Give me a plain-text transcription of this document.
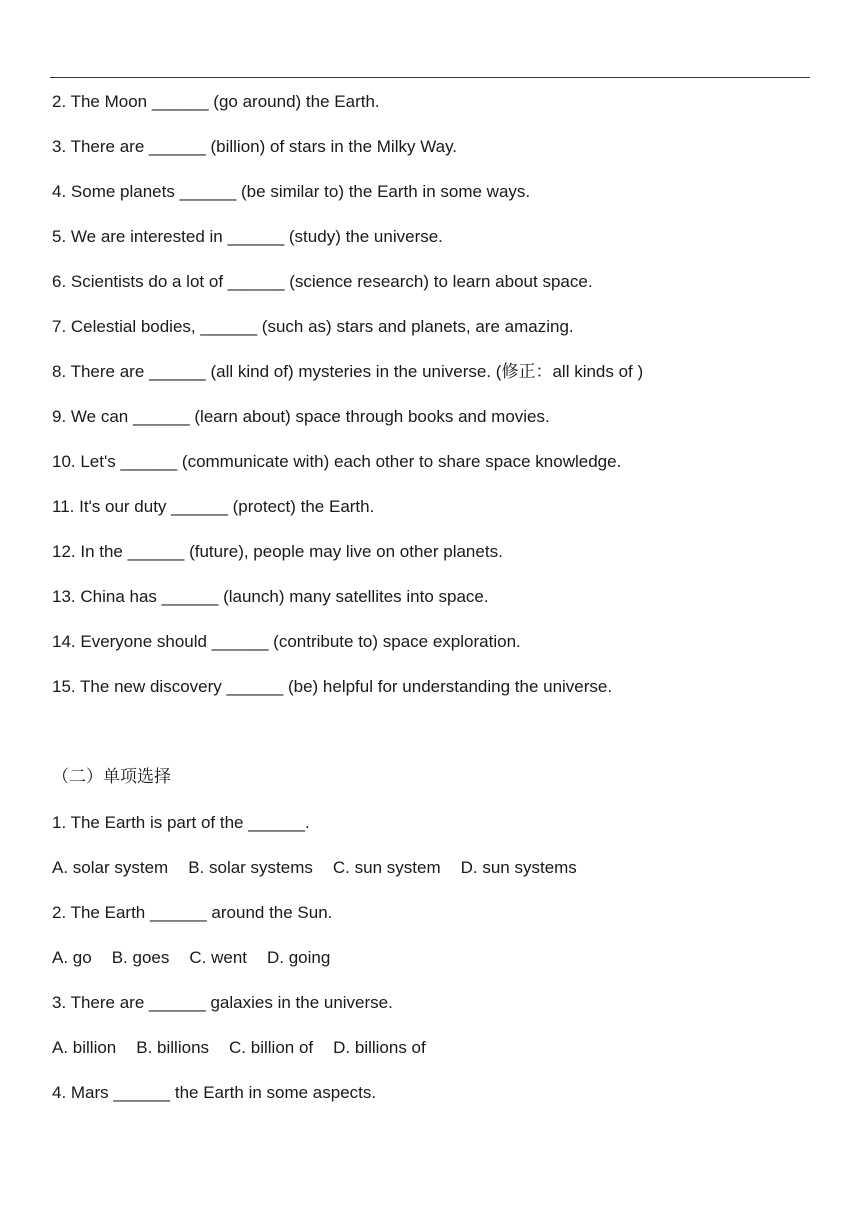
2. The Moon ______ (go around) the Earth.
3. There are ______ (billion) of stars in the Milky Way.
4. Some planets ______ (be similar to) the Earth in some ways.
5. We are interested in ______ (study) the universe.
6. Scientists do a lot of ______ (science research) to learn about space.
7. Celestial bodies, ______ (such as) stars and planets, are amazing.
8. There are ______ (all kind of) mysteries in the universe. (修正：all kinds of )
9. We can ______ (learn about) space through books and movies.
10. Let's ______ (communicate with) each other to share space knowledge.
11. It's our duty ______ (protect) the Earth.
12. In the ______ (future), people may live on other planets.
13. China has ______ (launch) many satellites into space.
14. Everyone should ______ (contribute to) space exploration.
15. The new discovery ______ (be) helpful for understanding the universe.
（二）单项选择
1. The Earth is part of the ______.
A. solar system B. solar systems C. sun system D. sun systems
2. The Earth ______ around the Sun.
A. go B. goes C. went D. going
3. There are ______ galaxies in the universe.
A. billion B. billions C. billion of D. billions of
4. Mars ______ the Earth in some aspects.
